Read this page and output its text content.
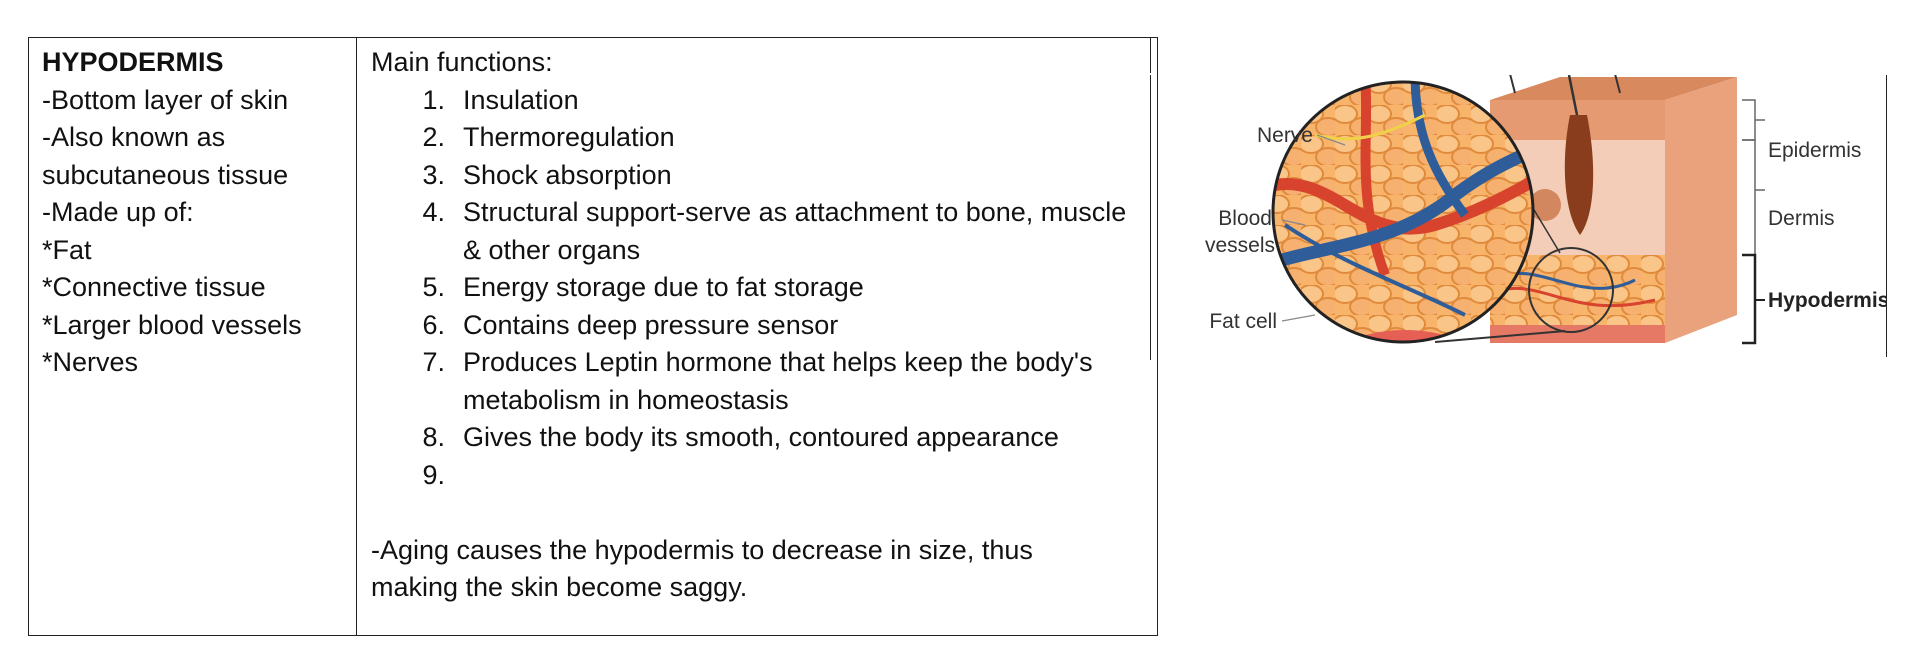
HYPODERMIS
-Bottom layer of skin
-Also known as
subcutaneous tissue
-Made up of:
*Fat
*Connective tissue
*Larger blood vessels
*Nerves
Main functions:
1. Insulation
2. Thermoregulation
3. Shock absorption
4. Structural support-serve as attachment to bone, muscle & other organs
5. Energy storage due to fat storage
6. Contains deep pressure sensor
7. Produces Leptin hormone that helps keep the body's metabolism in homeostasis
8. Gives the body its smooth, contoured appearance
9.
-Aging causes the hypodermis to decrease in size, thus
making the skin become saggy.
Nerve
Blood
vessels
Fat cell
Epidermis
Dermis
Hypodermis
